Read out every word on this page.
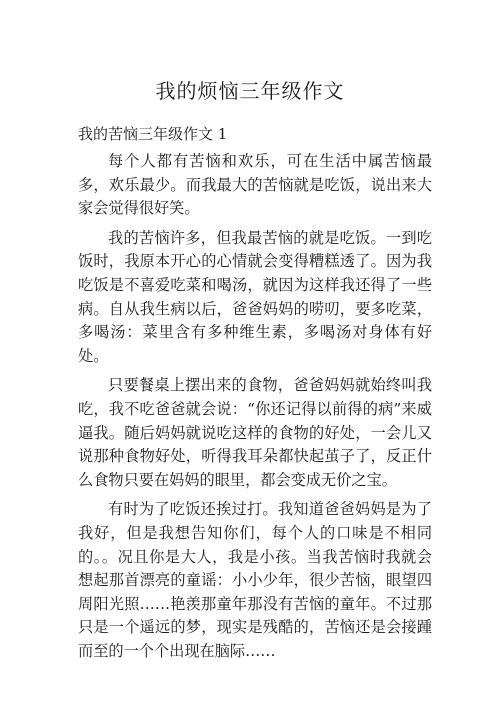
我的烦恼三年级作文
我的苦恼三年级作文 1

每个人都有苦恼和欢乐，可在生活中属苦恼最多，欢乐最少。而我最大的苦恼就是吃饭，说出来大家会觉得很好笑。

我的苦恼许多，但我最苦恼的就是吃饭。一到吃饭时，我原本开心的心情就会变得糟糕透了。因为我吃饭是不喜爱吃菜和喝汤，就因为这样我还得了一些病。自从我生病以后，爸爸妈妈的唠叨，要多吃菜，多喝汤：菜里含有多种维生素，多喝汤对身体有好处。

只要餐桌上摆出来的食物，爸爸妈妈就始终叫我吃，我不吃爸爸就会说：“你还记得以前得的病”来威逼我。随后妈妈就说吃这样的食物的好处，一会儿又说那种食物好处，听得我耳朵都快起茧子了，反正什么食物只要在妈妈的眼里，都会变成无价之宝。

有时为了吃饭还挨过打。我知道爸爸妈妈是为了我好，但是我想告知你们，每个人的口味是不相同的。。况且你是大人，我是小孩。当我苦恼时我就会想起那首漂亮的童谣：小小少年，很少苦恼，眼望四周阳光照……艳羡那童年那没有苦恼的童年。不过那只是一个遥远的梦，现实是残酷的，苦恼还是会接踵而至的一个个出现在脑际……
